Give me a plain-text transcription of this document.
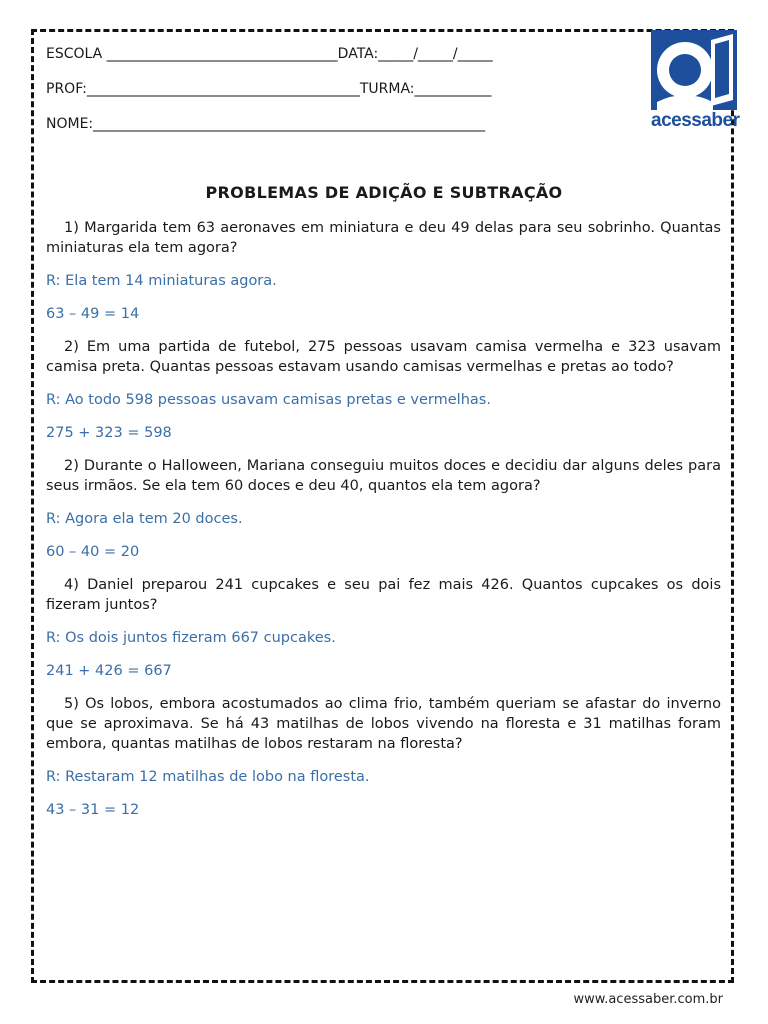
ESCOLA _________________________________DATA:_____/_____/_____
PROF:_______________________________________TURMA:___________
NOME:________________________________________________________	acessaber
PROBLEMAS DE ADIÇÃO E SUBTRAÇÃO

1) Margarida tem 63 aeronaves em miniatura e deu 49 delas para seu sobrinho. Quantas miniaturas ela tem agora?

R: Ela tem 14 miniaturas agora.

63 – 49 = 14

2) Em uma partida de futebol, 275 pessoas usavam camisa vermelha e 323 usavam camisa preta. Quantas pessoas estavam usando camisas vermelhas e pretas ao todo?

R: Ao todo 598 pessoas usavam camisas pretas e vermelhas.

275 + 323 = 598

2) Durante o Halloween, Mariana conseguiu muitos doces e decidiu dar alguns deles para seus irmãos. Se ela tem 60 doces e deu 40, quantos ela tem agora?

R: Agora ela tem 20 doces.

60 – 40 = 20

4) Daniel preparou 241 cupcakes e seu pai fez mais 426. Quantos cupcakes os dois fizeram juntos?

R: Os dois juntos fizeram 667 cupcakes.

241 + 426 = 667

5) Os lobos, embora acostumados ao clima frio, também queriam se afastar do inverno que se aproximava. Se há 43 matilhas de lobos vivendo na floresta e 31 matilhas foram embora, quantas matilhas de lobos restaram na floresta?

R: Restaram 12 matilhas de lobo na floresta.

43 – 31 = 12

www.acessaber.com.br
